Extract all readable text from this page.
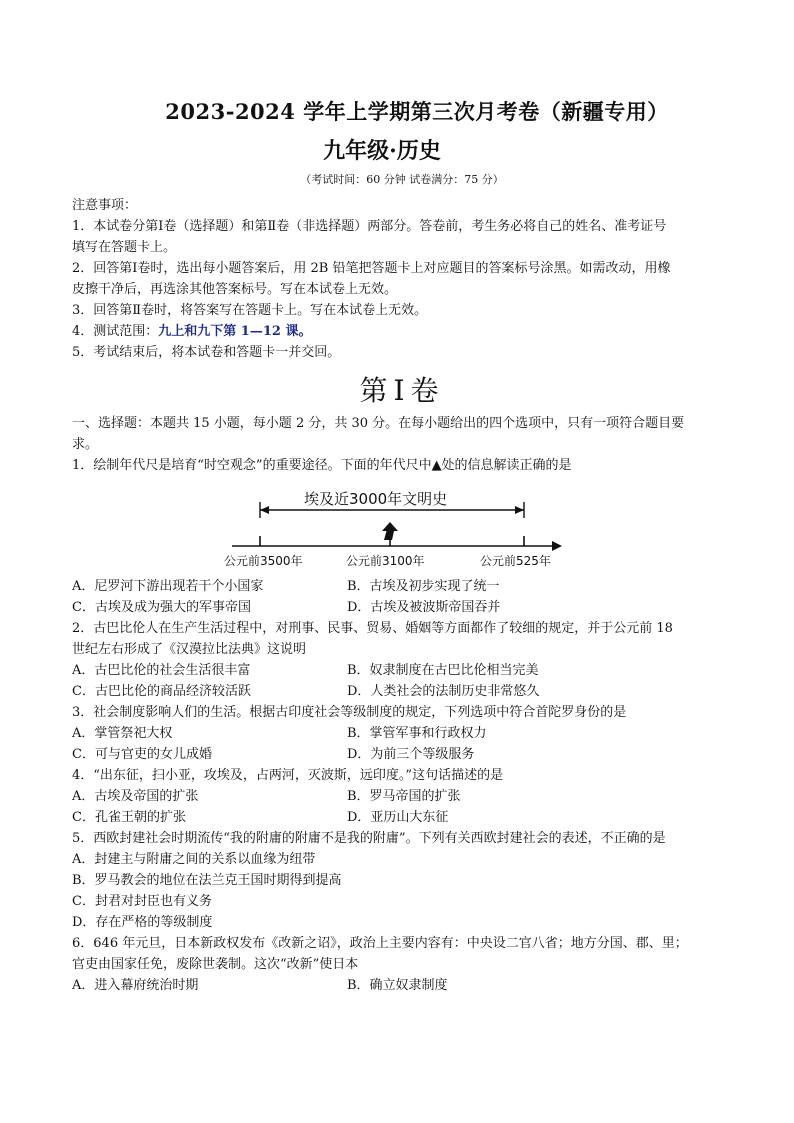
2023-2024 学年上学期第三次月考卷（新疆专用）
九年级·历史
（考试时间：60 分钟 试卷满分：75 分）

注意事项：

1．本试卷分第Ⅰ卷（选择题）和第Ⅱ卷（非选择题）两部分。答卷前，考生务必将自己的姓名、准考证号

填写在答题卡上。

2．回答第Ⅰ卷时，选出每小题答案后，用 2B 铅笔把答题卡上对应题目的答案标号涂黑。如需改动，用橡

皮擦干净后，再选涂其他答案标号。写在本试卷上无效。

3．回答第Ⅱ卷时，将答案写在答题卡上。写在本试卷上无效。

4．测试范围：九上和九下第 1—12 课。

5．考试结束后，将本试卷和答题卡一并交回。

第Ⅰ卷

一、选择题：本题共 15 小题，每小题 2 分，共 30 分。在每小题给出的四个选项中，只有一项符合题目要

求。

1．绘制年代尺是培育“时空观念”的重要途径。下面的年代尺中▲处的信息解读正确的是

埃及近3000年文明史
公元前3500年	公元前3100年	公元前525年
A．尼罗河下游出现若干个小国家	B．古埃及初步实现了统一
C．古埃及成为强大的军事帝国	D．古埃及被波斯帝国吞并

2．古巴比伦人在生产生活过程中，对刑事、民事、贸易、婚姻等方面都作了较细的规定，并于公元前 18

世纪左右形成了《汉漠拉比法典》这说明

A．古巴比伦的社会生活很丰富	B．奴隶制度在古巴比伦相当完美
C．古巴比伦的商品经济较活跃	D．人类社会的法制历史非常悠久

3．社会制度影响人们的生活。根据古印度社会等级制度的规定，下列选项中符合首陀罗身份的是

A．掌管祭祀大权	B．掌管军事和行政权力
C．可与官吏的女儿成婚	D．为前三个等级服务

4．“出东征，扫小亚，攻埃及，占两河，灭波斯，远印度。”这句话描述的是

A．古埃及帝国的扩张	B．罗马帝国的扩张
C．孔雀王朝的扩张	D．亚历山大东征

5．西欧封建社会时期流传“我的附庸的附庸不是我的附庸”。下列有关西欧封建社会的表述，不正确的是

A．封建主与附庸之间的关系以血缘为纽带

B．罗马教会的地位在法兰克王国时期得到提高

C．封君对封臣也有义务

D．存在严格的等级制度

6．646 年元旦，日本新政权发布《改新之诏》，政治上主要内容有：中央设二官八省；地方分国、郡、里；

官吏由国家任免，废除世袭制。这次“改新”使日本

A．进入幕府统治时期	B．确立奴隶制度
